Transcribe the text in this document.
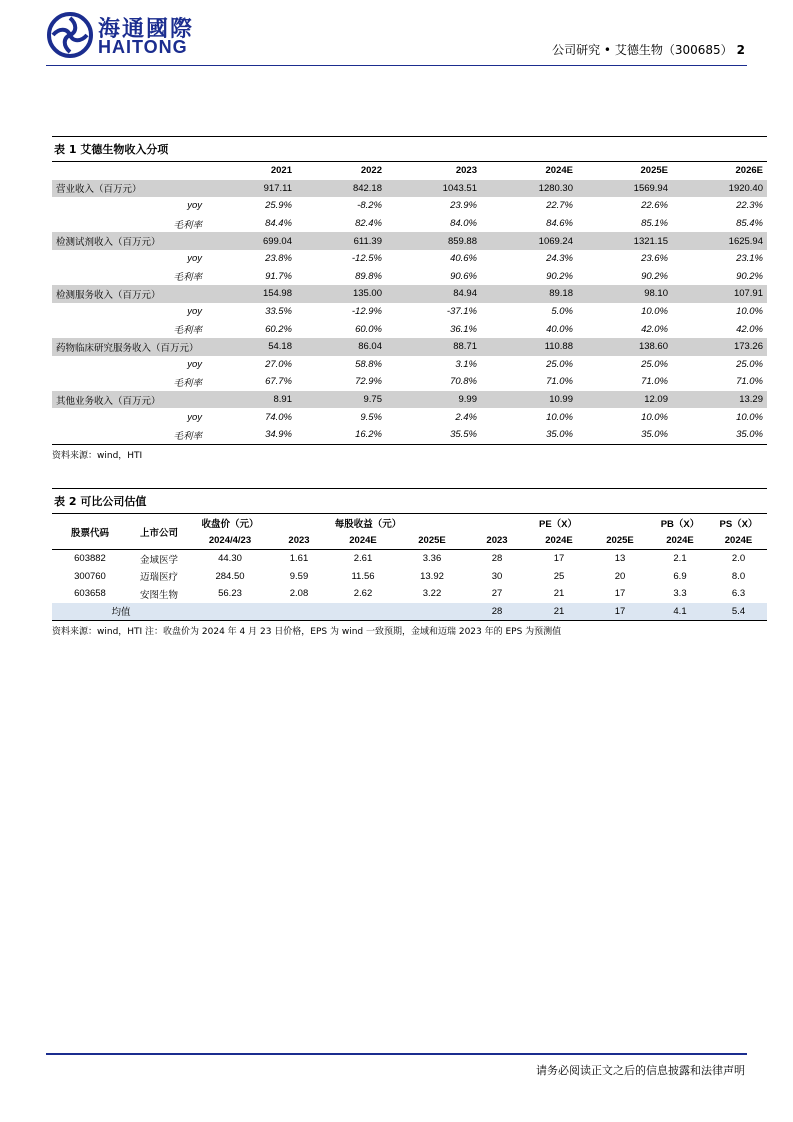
海通國際
HAITONG	公司研究 • 艾德生物（300685） 2
表 1 艾德生物收入分项
	2021	2022	2023	2024E	2025E	2026E
营业收入（百万元）	917.11	842.18	1043.51	1280.30	1569.94	1920.40
yoy	25.9%	-8.2%	23.9%	22.7%	22.6%	22.3%
毛利率	84.4%	82.4%	84.0%	84.6%	85.1%	85.4%
检测试剂收入（百万元）	699.04	611.39	859.88	1069.24	1321.15	1625.94
yoy	23.8%	-12.5%	40.6%	24.3%	23.6%	23.1%
毛利率	91.7%	89.8%	90.6%	90.2%	90.2%	90.2%
检测服务收入（百万元）	154.98	135.00	84.94	89.18	98.10	107.91
yoy	33.5%	-12.9%	-37.1%	5.0%	10.0%	10.0%
毛利率	60.2%	60.0%	36.1%	40.0%	42.0%	42.0%
药物临床研究服务收入（百万元）	54.18	86.04	88.71	110.88	138.60	173.26
yoy	27.0%	58.8%	3.1%	25.0%	25.0%	25.0%
毛利率	67.7%	72.9%	70.8%	71.0%	71.0%	71.0%
其他业务收入（百万元）	8.91	9.75	9.99	10.99	12.09	13.29
yoy	74.0%	9.5%	2.4%	10.0%	10.0%	10.0%
毛利率	34.9%	16.2%	35.5%	35.0%	35.0%	35.0%
资料来源：wind，HTI
表 2 可比公司估值
股票代码	上市公司	收盘价（元）	每股收益（元）			PE（X）			PB（X）	PS（X）
		2024/4/23	2023	2024E	2025E	2023	2024E	2025E	2024E	2024E
603882	金域医学	44.30	1.61	2.61	3.36	28	17	13	2.1	2.0
300760	迈瑞医疗	284.50	9.59	11.56	13.92	30	25	20	6.9	8.0
603658	安图生物	56.23	2.08	2.62	3.22	27	21	17	3.3	6.3
均值						28	21	17	4.1	5.4
资料来源：wind，HTI 注：收盘价为 2024 年 4 月 23 日价格，EPS 为 wind 一致预期，金域和迈瑞 2023 年的 EPS 为预测值
请务必阅读正文之后的信息披露和法律声明
